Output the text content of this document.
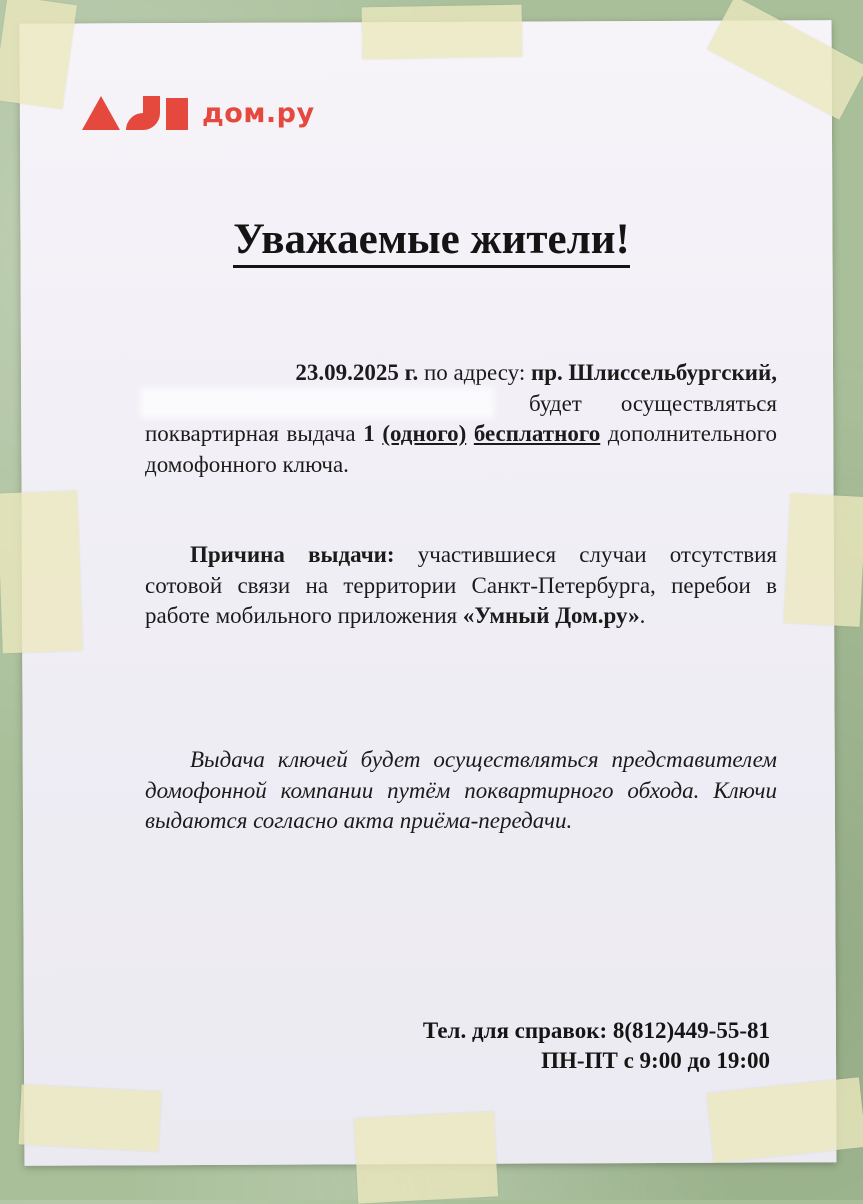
дом.ру
Уважаемые жители!

23.09.2025 г. по адресу: пр. Шлиссельбургский,

будет осуществляться поквартирная выдача 1 (одного) бесплатного дополнительного домофонного ключа.

Причина выдачи: участившиеся случаи отсутствия сотовой связи на территории Санкт-Петербурга, перебои в работе мобильного приложения «Умный Дом.ру».

Выдача ключей будет осуществляться представителем домофонной компании путём поквартирного обхода. Ключи выдаются согласно акта приёма-передачи.

Тел. для справок: 8(812)449-55-81
ПН-ПТ с 9:00 до 19:00
